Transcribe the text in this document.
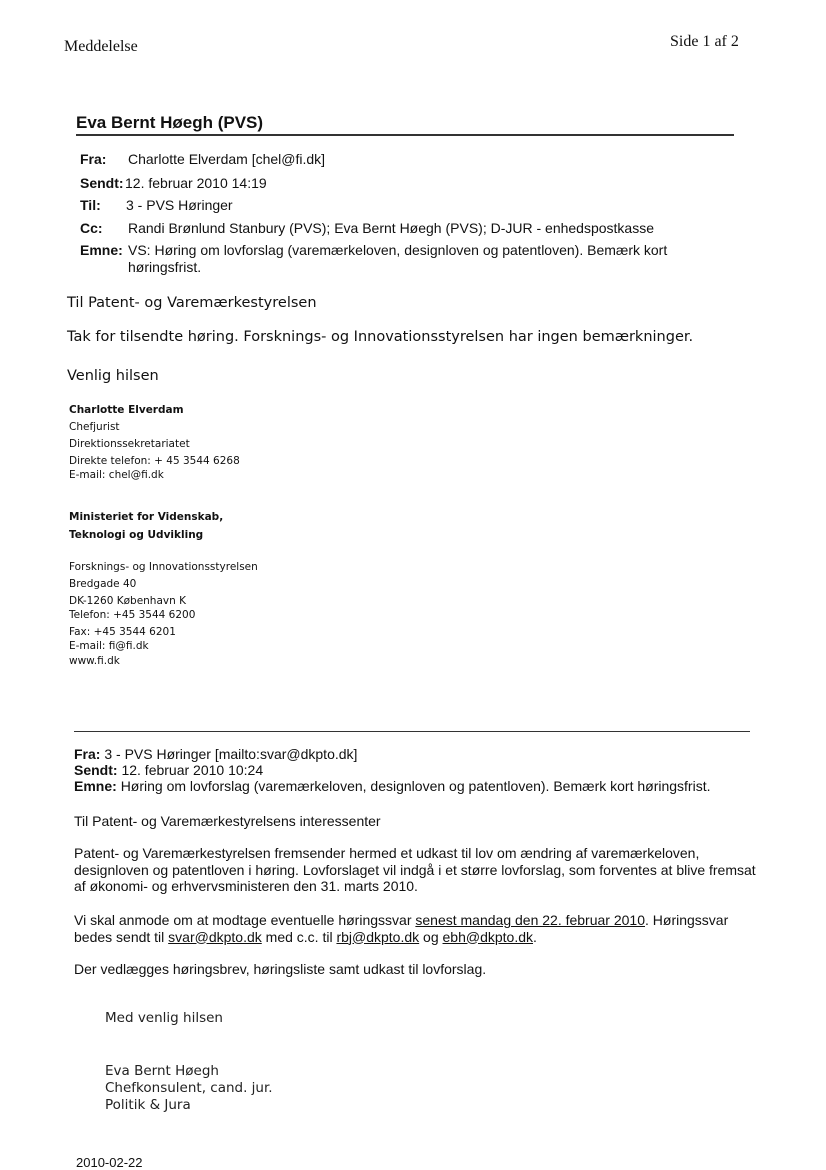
Meddelelse	Side 1 af 2
Eva Bernt Høegh (PVS)
Fra: Charlotte Elverdam [chel@fi.dk]
Sendt: 12. februar 2010 14:19
Til: 3 - PVS Høringer
Cc: Randi Brønlund Stanbury (PVS); Eva Bernt Høegh (PVS); D-JUR - enhedspostkasse
Emne: VS: Høring om lovforslag (varemærkeloven, designloven og patentloven). Bemærk kort høringsfrist.
Til Patent- og Varemærkestyrelsen
Tak for tilsendte høring. Forsknings- og Innovationsstyrelsen har ingen bemærkninger.
Venlig hilsen
Charlotte Elverdam
Chefjurist
Direktionssekretariatet
Direkte telefon: + 45 3544 6268
E-mail: chel@fi.dk
Ministeriet for Videnskab,
Teknologi og Udvikling
Forsknings- og Innovationsstyrelsen
Bredgade 40
DK-1260 København K
Telefon: +45 3544 6200
Fax: +45 3544 6201
E-mail: fi@fi.dk
www.fi.dk
Fra: 3 - PVS Høringer [mailto:svar@dkpto.dk]
Sendt: 12. februar 2010 10:24
Emne: Høring om lovforslag (varemærkeloven, designloven og patentloven). Bemærk kort høringsfrist.
Til Patent- og Varemærkestyrelsens interessenter
Patent- og Varemærkestyrelsen fremsender hermed et udkast til lov om ændring af varemærkeloven, designloven og patentloven i høring. Lovforslaget vil indgå i et større lovforslag, som forventes at blive fremsat af økonomi- og erhvervsministeren den 31. marts 2010.
Vi skal anmode om at modtage eventuelle høringssvar senest mandag den 22. februar 2010. Høringssvar bedes sendt til svar@dkpto.dk med c.c. til rbj@dkpto.dk og ebh@dkpto.dk.
Der vedlægges høringsbrev, høringsliste samt udkast til lovforslag.
Med venlig hilsen
Eva Bernt Høegh
Chefkonsulent, cand. jur.
Politik & Jura
2010-02-22
